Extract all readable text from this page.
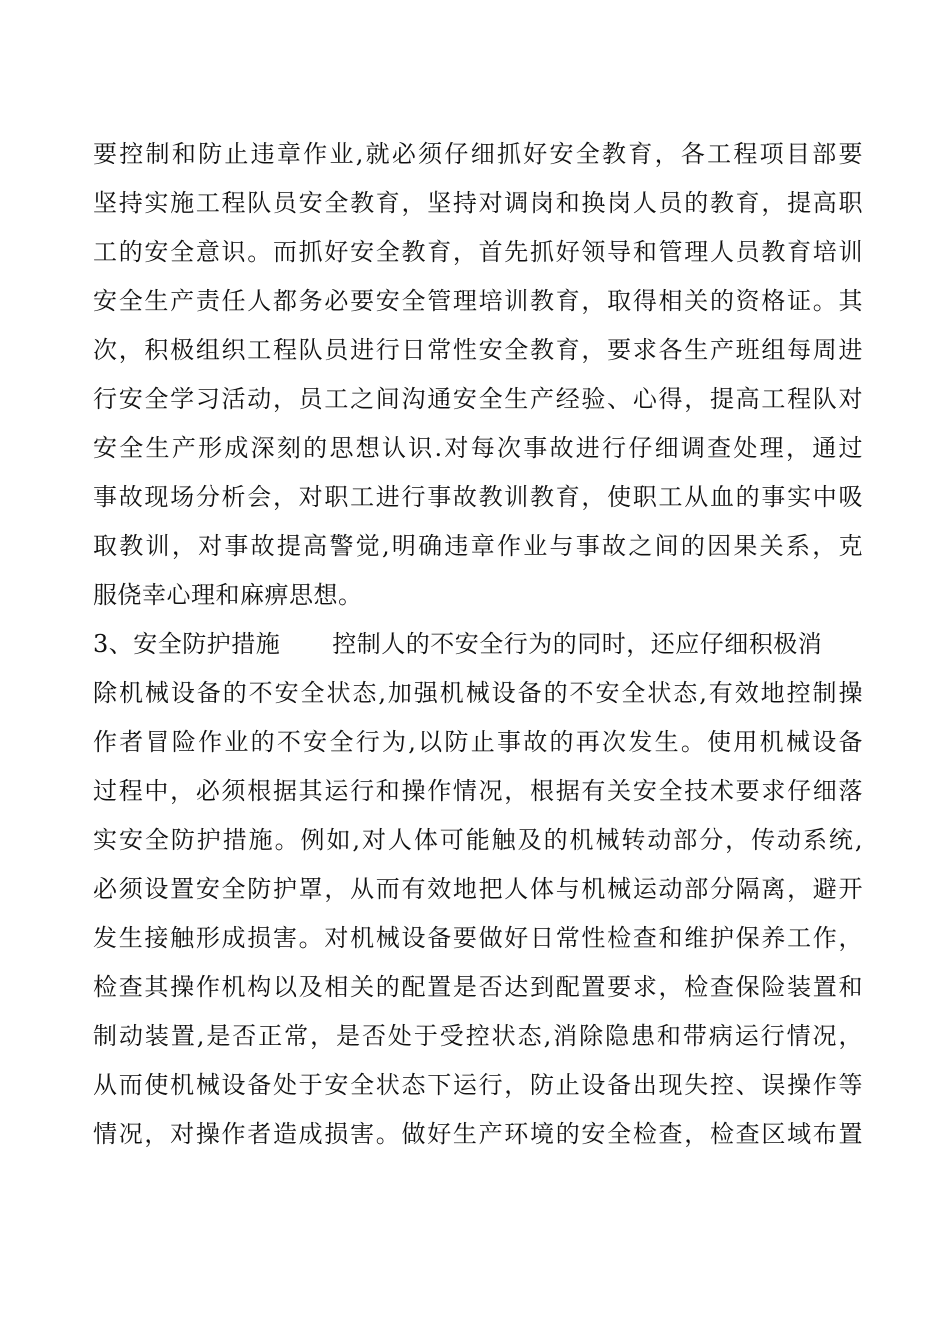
要控制和防止违章作业,就必须仔细抓好安全教育，各工程项目部要
坚持实施工程队员安全教育，坚持对调岗和换岗人员的教育，提高职
工的安全意识。而抓好安全教育，首先抓好领导和管理人员教育培训
安全生产责任人都务必要安全管理培训教育，取得相关的资格证。其
次，积极组织工程队员进行日常性安全教育，要求各生产班组每周进
行安全学习活动，员工之间沟通安全生产经验、心得，提高工程队对
安全生产形成深刻的思想认识.对每次事故进行仔细调查处理，通过
事故现场分析会，对职工进行事故教训教育，使职工从血的事实中吸
取教训，对事故提高警觉,明确违章作业与事故之间的因果关系，克
服侥幸心理和麻痹思想。
3、安全防护措施 控制人的不安全行为的同时，还应仔细积极消
除机械设备的不安全状态,加强机械设备的不安全状态,有效地控制操
作者冒险作业的不安全行为,以防止事故的再次发生。使用机械设备
过程中，必须根据其运行和操作情况，根据有关安全技术要求仔细落
实安全防护措施。例如,对人体可能触及的机械转动部分，传动系统,
必须设置安全防护罩，从而有效地把人体与机械运动部分隔离，避开
发生接触形成损害。对机械设备要做好日常性检查和维护保养工作，
检查其操作机构以及相关的配置是否达到配置要求，检查保险装置和
制动装置,是否正常，是否处于受控状态,消除隐患和带病运行情况，
从而使机械设备处于安全状态下运行，防止设备出现失控、误操作等
情况，对操作者造成损害。做好生产环境的安全检查，检查区域布置
